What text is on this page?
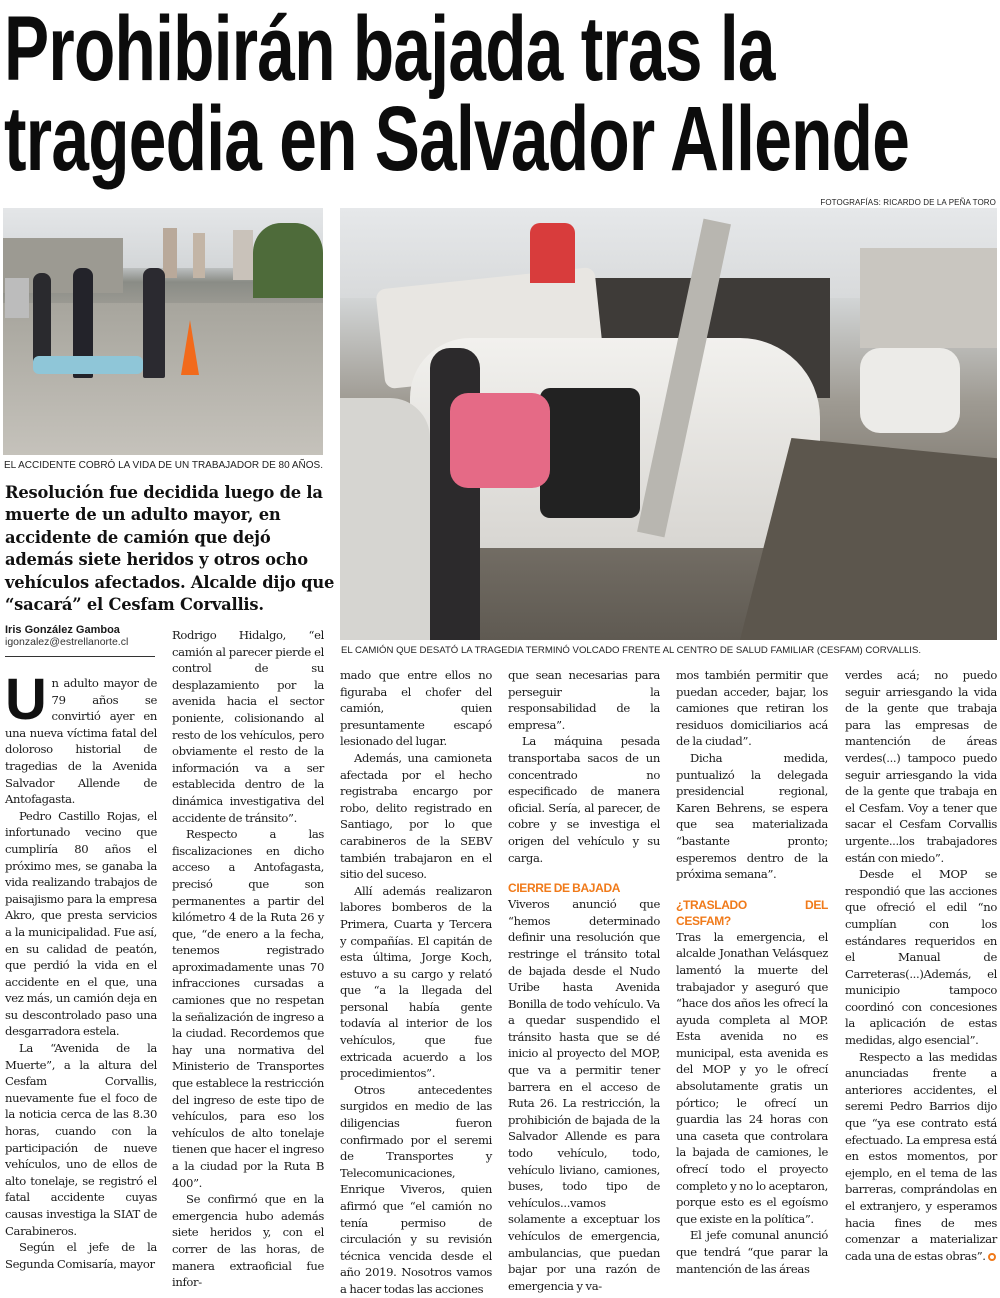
Prohibirán bajada tras la
tragedia en Salvador Allende
FOTOGRAFÍAS: RICARDO DE LA PEÑA TORO
EL ACCIDENTE COBRÓ LA VIDA DE UN TRABAJADOR DE 80 AÑOS.
EL CAMIÓN QUE DESATÓ LA TRAGEDIA TERMINÓ VOLCADO FRENTE AL CENTRO DE SALUD FAMILIAR (CESFAM) CORVALLIS.
Resolución fue decidida luego de la muerte de un adulto mayor, en accidente de camión que dejó además siete heridos y otros ocho vehículos afectados. Alcalde dijo que “sacará” el Cesfam Corvallis.
Iris González Gamboa
igonzalez@estrellanorte.cl

Un adulto mayor de 79 años se convirtió ayer en una nueva víctima fatal del doloroso historial de tragedias de la Avenida Salvador Allende de Antofagasta.

Pedro Castillo Rojas, el infortunado vecino que cumpliría 80 años el próximo mes, se ganaba la vida realizando trabajos de paisajismo para la empresa Akro, que presta servicios a la municipalidad. Fue así, en su calidad de peatón, que perdió la vida en el accidente en el que, una vez más, un camión deja en su descontrolado paso una desgarradora estela.

La “Avenida de la Muerte”, a la altura del Cesfam Corvallis, nuevamente fue el foco de la noticia cerca de las 8.30 horas, cuando con la participación de nueve vehículos, uno de ellos de alto tonelaje, se registró el fatal accidente cuyas causas investiga la SIAT de Carabineros.

Según el jefe de la Segunda Comisaría, mayor

Rodrigo Hidalgo, “el camión al parecer pierde el control de su desplazamiento por la avenida hacia el sector poniente, colisionando al resto de los vehículos, pero obviamente el resto de la información va a ser establecida dentro de la dinámica investigativa del accidente de tránsito”.

Respecto a las fiscalizaciones en dicho acceso a Antofagasta, precisó que son permanentes a partir del kilómetro 4 de la Ruta 26 y que, “de enero a la fecha, tenemos registrado aproximadamente unas 70 infracciones cursadas a camiones que no respetan la señalización de ingreso a la ciudad. Recordemos que hay una normativa del Ministerio de Transportes que establece la restricción del ingreso de este tipo de vehículos, para eso los vehículos de alto tonelaje tienen que hacer el ingreso a la ciudad por la Ruta B 400”.

Se confirmó que en la emergencia hubo además siete heridos y, con el correr de las horas, de manera extraoficial fue infor-

mado que entre ellos no figuraba el chofer del camión, quien presuntamente escapó lesionado del lugar.

Además, una camioneta afectada por el hecho registraba encargo por robo, delito registrado en Santiago, por lo que carabineros de la SEBV también trabajaron en el sitio del suceso.

Allí además realizaron labores bomberos de la Primera, Cuarta y Tercera y compañías. El capitán de esta última, Jorge Koch, estuvo a su cargo y relató que “a la llegada del personal había gente todavía al interior de los vehículos, que fue extricada acuerdo a los procedimientos”.

Otros antecedentes surgidos en medio de las diligencias fueron confirmado por el seremi de Transportes y Telecomunicaciones, Enrique Viveros, quien afirmó que “el camión no tenía permiso de circulación y su revisión técnica vencida desde el año 2019. Nosotros vamos a hacer todas las acciones

que sean necesarias para perseguir la responsabilidad de la empresa”.

La máquina pesada transportaba sacos de un concentrado no especificado de manera oficial. Sería, al parecer, de cobre y se investiga el origen del vehículo y su carga.

CIERRE DE BAJADA

Viveros anunció que “hemos determinado definir una resolución que restringe el tránsito total de bajada desde el Nudo Uribe hasta Avenida Bonilla de todo vehículo. Va a quedar suspendido el tránsito hasta que se dé inicio al proyecto del MOP, que va a permitir tener barrera en el acceso de Ruta 26. La restricción, la prohibición de bajada de la Salvador Allende es para todo vehículo, todo, vehículo liviano, camiones, buses, todo tipo de vehículos...vamos solamente a exceptuar los vehículos de emergencia, ambulancias, que puedan bajar por una razón de emergencia y va-

mos también permitir que puedan acceder, bajar, los camiones que retiran los residuos domiciliarios acá de la ciudad”.

Dicha medida, puntualizó la delegada presidencial regional, Karen Behrens, se espera que sea materializada “bastante pronto; esperemos dentro de la próxima semana”.

¿TRASLADO DEL CESFAM?

Tras la emergencia, el alcalde Jonathan Velásquez lamentó la muerte del trabajador y aseguró que “hace dos años les ofrecí la ayuda completa al MOP. Esta avenida no es municipal, esta avenida es del MOP y yo le ofrecí absolutamente gratis un pórtico; le ofrecí un guardia las 24 horas con una caseta que controlara la bajada de camiones, le ofrecí todo el proyecto completo y no lo aceptaron, porque esto es el egoísmo que existe en la política”.

El jefe comunal anunció que tendrá “que parar la mantención de las áreas

verdes acá; no puedo seguir arriesgando la vida de la gente que trabaja para las empresas de mantención de áreas verdes(...) tampoco puedo seguir arriesgando la vida de la gente que trabaja en el Cesfam. Voy a tener que sacar el Cesfam Corvallis urgente...los trabajadores están con miedo”.

Desde el MOP se respondió que las acciones que ofreció el edil “no cumplían con los estándares requeridos en el Manual de Carreteras(...)Además, el municipio tampoco coordinó con concesiones la aplicación de estas medidas, algo esencial”.

Respecto a las medidas anunciadas frente a anteriores accidentes, el seremi Pedro Barrios dijo que “ya ese contrato está efectuado. La empresa está en estos momentos, por ejemplo, en el tema de las barreras, comprándolas en el extranjero, y esperamos hacia fines de mes comenzar a materializar cada una de estas obras”.
